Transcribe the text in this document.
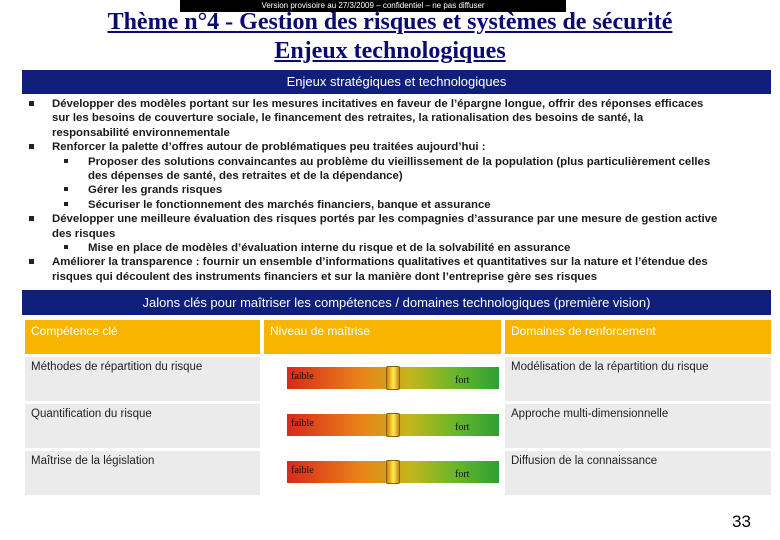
Version provisoire au 27/3/2009 – confidentiel – ne pas diffuser
Thème n°4 - Gestion des risques et systèmes de sécurité
Enjeux technologiques
Enjeux stratégiques et technologiques
Développer des modèles portant sur les mesures incitatives en faveur de l’épargne longue, offrir des réponses efficaces
sur les besoins de couverture sociale, le financement des retraites, la rationalisation des besoins de santé, la
responsabilité environnementale
Renforcer la palette d’offres autour de problématiques peu traitées aujourd’hui :
Proposer des solutions convaincantes au problème du vieillissement de la population (plus particulièrement celles
des dépenses de santé, des retraites et de la dépendance)
Gérer les grands risques
Sécuriser le fonctionnement des marchés financiers, banque et assurance
Développer une meilleure évaluation des risques portés par les compagnies d’assurance par une mesure de gestion active
des risques
Mise en place de modèles d’évaluation interne du risque et de la solvabilité en assurance
Améliorer la transparence : fournir un ensemble d’informations qualitatives et quantitatives sur la nature et l’étendue des
risques qui découlent des instruments financiers et sur la manière dont l’entreprise gère ses risques
Jalons clés pour maîtriser les compétences / domaines technologiques (première vision)
Compétence clé	Niveau de maîtrise	Domaines de renforcement
Méthodes de répartition du risque	Modélisation de la répartition du risque
faible	fort
Quantification du risque	Approche multi-dimensionnelle
faible	fort
Maîtrise de la législation	Diffusion de la connaissance
faible	fort
33
